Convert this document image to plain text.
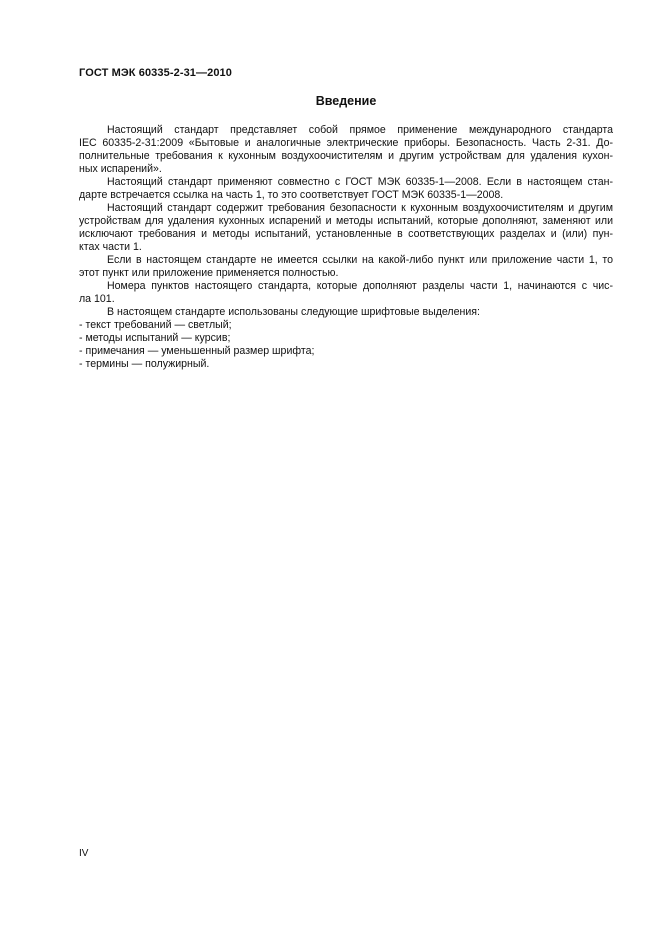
ГОСТ МЭК 60335-2-31—2010
Введение

Настоящий стандарт представляет собой прямое применение международного стандарта
IEC 60335-2-31:2009 «Бытовые и аналогичные электрические приборы. Безопасность. Часть 2-31. До-
полнительные требования к кухонным воздухоочистителям и другим устройствам для удаления кухон-
ных испарений».

Настоящий стандарт применяют совместно с ГОСТ МЭК 60335-1—2008. Если в настоящем стан-
дарте встречается ссылка на часть 1, то это соответствует ГОСТ МЭК 60335-1—2008.

Настоящий стандарт содержит требования безопасности к кухонным воздухоочистителям и другим
устройствам для удаления кухонных испарений и методы испытаний, которые дополняют, заменяют или
исключают требования и методы испытаний, установленные в соответствующих разделах и (или) пун-
ктах части 1.

Если в настоящем стандарте не имеется ссылки на какой-либо пункт или приложение части 1, то
этот пункт или приложение применяется полностью.

Номера пунктов настоящего стандарта, которые дополняют разделы части 1, начинаются с чис-
ла 101.

В настоящем стандарте использованы следующие шрифтовые выделения:

- текст требований — светлый;
- методы испытаний — курсив;
- примечания — уменьшенный размер шрифта;
- термины — полужирный.
IV
